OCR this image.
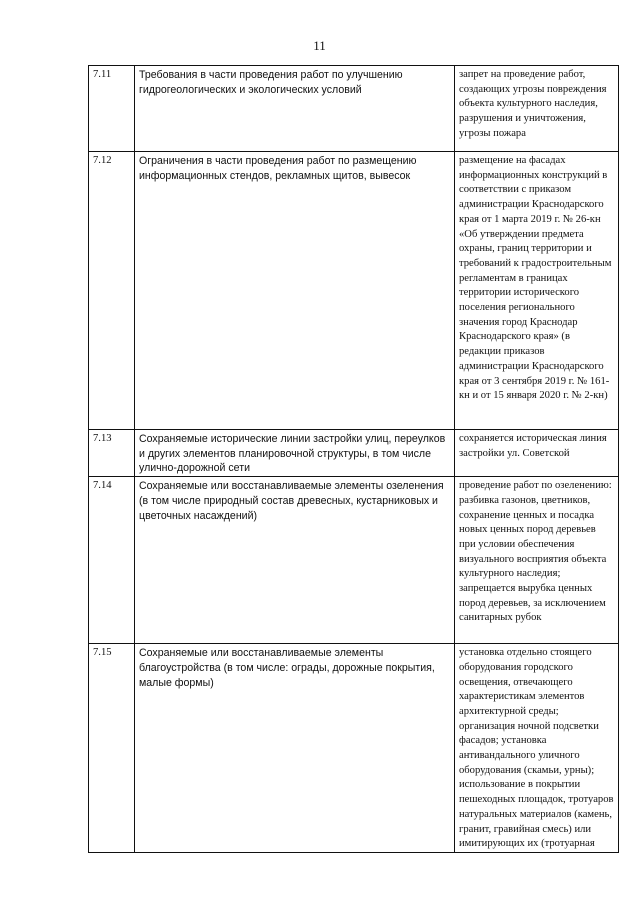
11
7.11	Требования в части проведения работ по улучшению гидрогеологических и экологических условий	запрет на проведение работ, создающих угрозы повреждения объекта культурного наследия, разрушения и уничтожения, угрозы пожара
7.12	Ограничения в части проведения работ по размещению информационных стендов, рекламных щитов, вывесок	размещение на фасадах информационных конструкций в соответствии с приказом администрации Краснодарского края от 1 марта 2019 г. № 26-кн «Об утверждении предмета охраны, границ территории и требований к градостроительным регламентам в границах территории исторического поселения регионального значения город Краснодар Краснодарского края» (в редакции приказов администрации Краснодарского края от 3 сентября 2019 г. № 161-кн и от 15 января 2020 г. № 2-кн)
7.13	Сохраняемые исторические линии застройки улиц, переулков и других элементов планировочной структуры, в том числе улично-дорожной сети	сохраняется историческая линия застройки ул. Советской
7.14	Сохраняемые или восстанавливаемые элементы озеленения (в том числе природный состав древесных, кустарниковых и цветочных насаждений)	проведение работ по озеленению: разбивка газонов, цветников, сохранение ценных и посадка новых ценных пород деревьев при условии обеспечения визуального восприятия объекта культурного наследия; запрещается вырубка ценных пород деревьев, за исключением санитарных рубок
7.15	Сохраняемые или восстанавливаемые элементы благоустройства (в том числе: ограды, дорожные покрытия, малые формы)	установка отдельно стоящего оборудования городского освещения, отвечающего характеристикам элементов архитектурной среды; организация ночной подсветки фасадов; установка антивандального уличного оборудования (скамьи, урны); использование в покрытии пешеходных площадок, тротуаров натуральных материалов (камень, гранит, гравийная смесь) или имитирующих их (тротуарная
